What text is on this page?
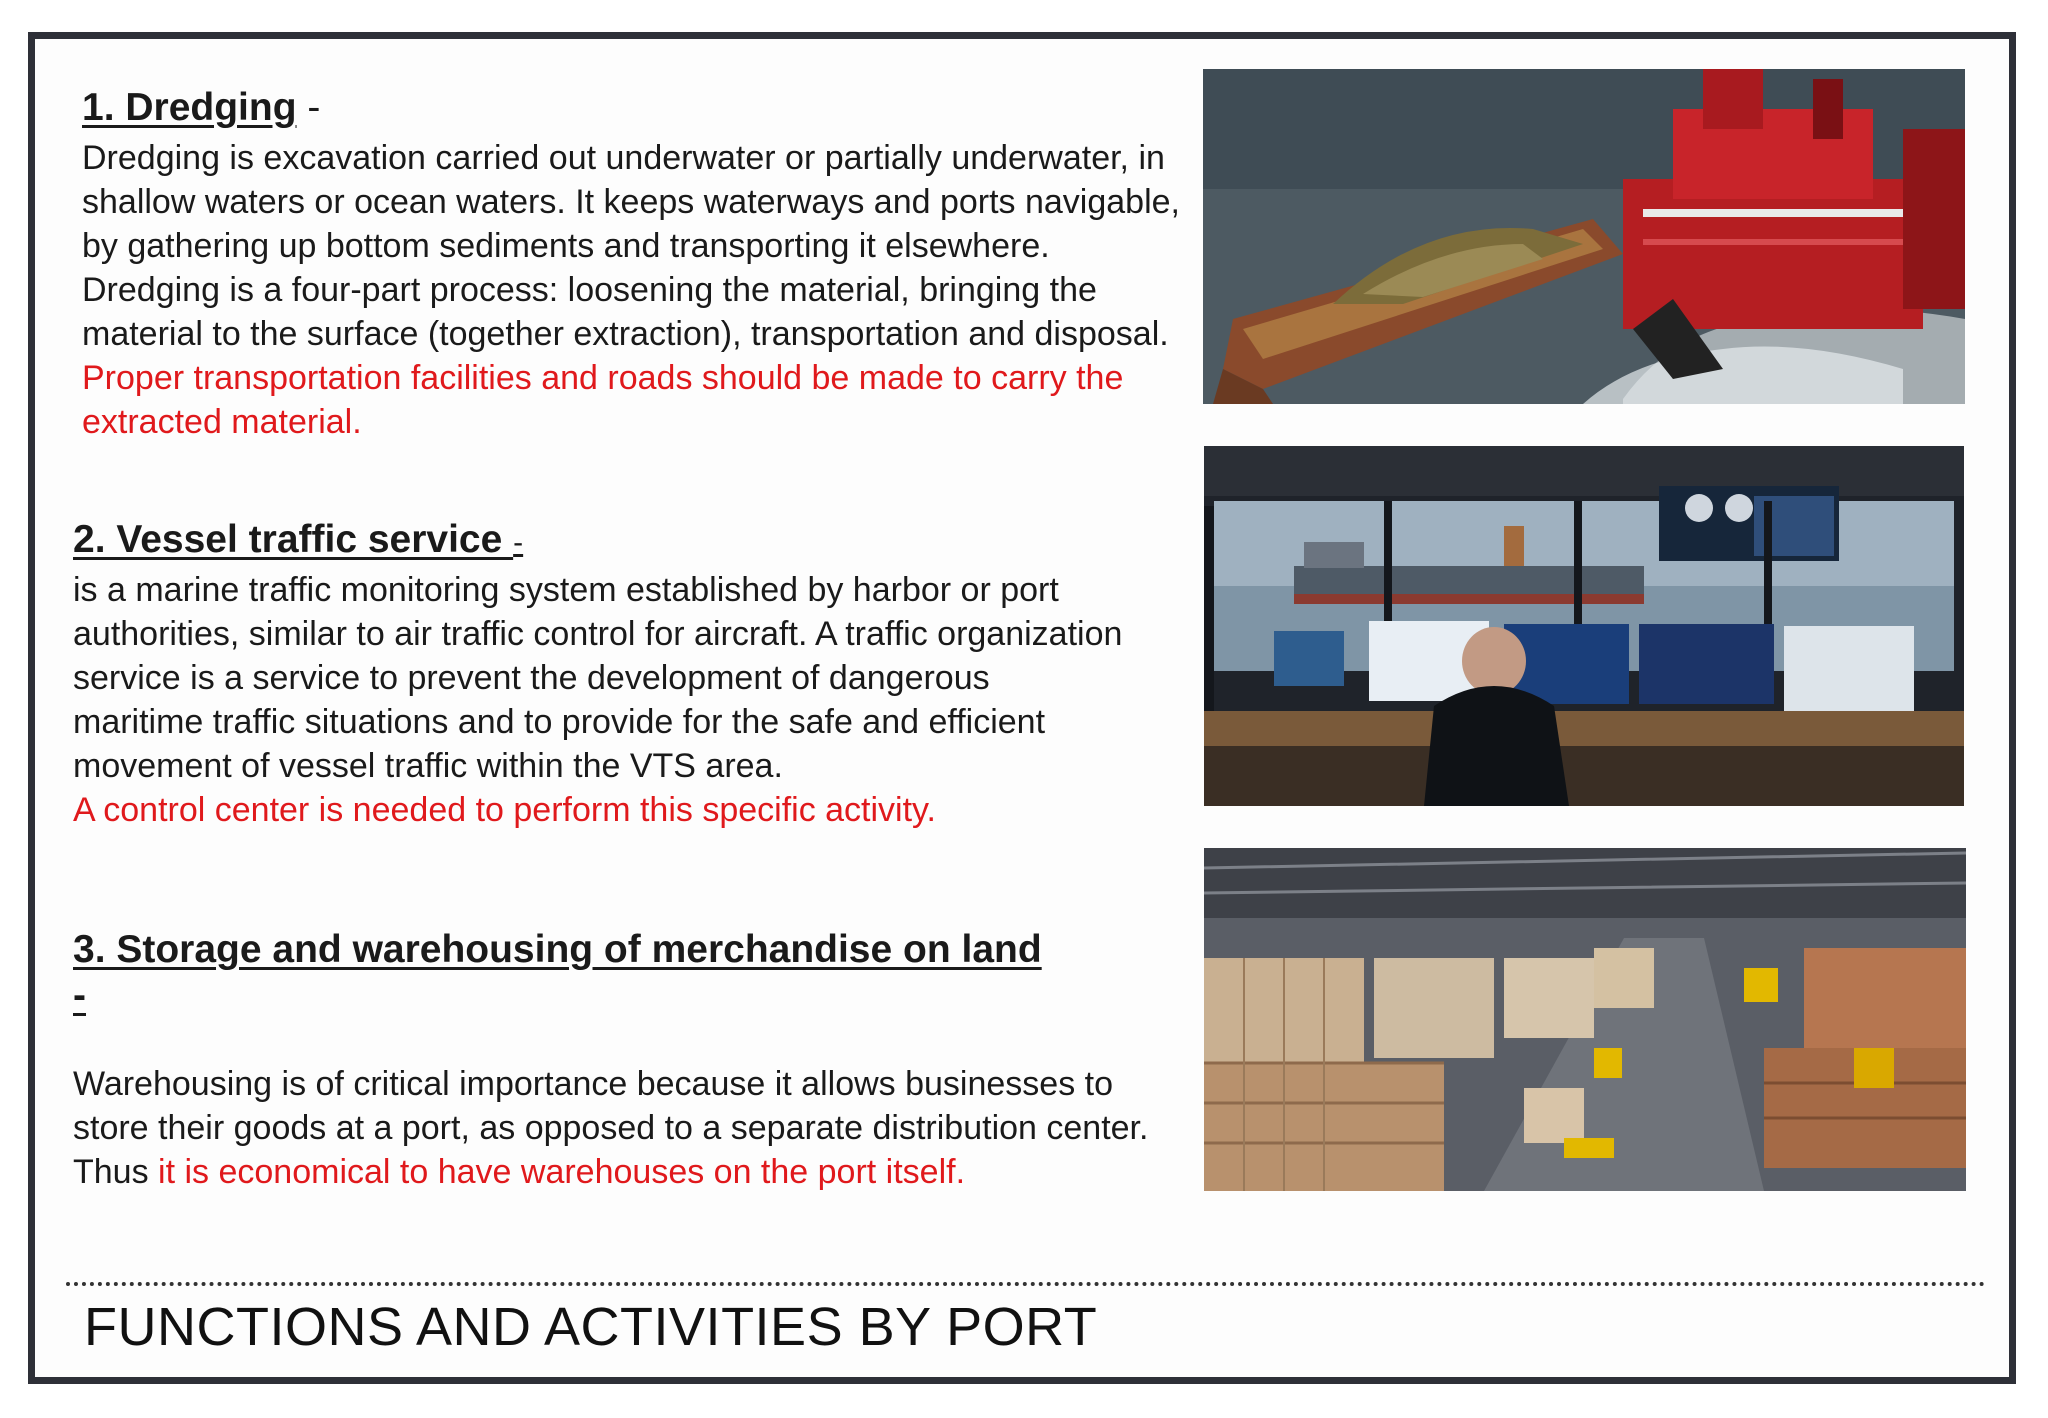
1. Dredging -
Dredging is excavation carried out underwater or partially underwater, in shallow waters or ocean waters. It keeps waterways and ports navigable, by gathering up bottom sediments and transporting it elsewhere.
Dredging is a four-part process: loosening the material, bringing the material to the surface (together extraction), transportation and disposal. Proper transportation facilities and roads should be made to carry the extracted material.
2. Vessel traffic service -
is a marine traffic monitoring system established by harbor or port authorities, similar to air traffic control for aircraft. A traffic organization service is a service to prevent the development of dangerous maritime traffic situations and to provide for the safe and efficient movement of vessel traffic within the VTS area.
A control center is needed to perform this specific activity.
3. Storage and warehousing of merchandise on land
-
Warehousing is of critical importance because it allows businesses to store their goods at a port, as opposed to a separate distribution center. Thus it is economical to have warehouses on the port itself.
FUNCTIONS AND ACTIVITIES BY PORT
